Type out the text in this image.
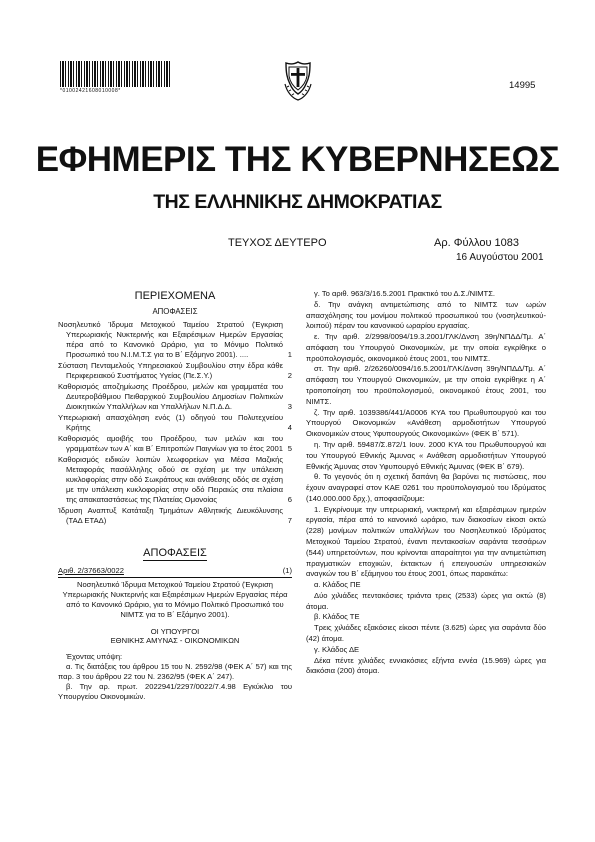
*01002421608010008*	14995
ΕΦΗΜΕΡΙΣ ΤΗΣ ΚΥΒΕΡΝΗΣΕΩΣ
ΤΗΣ ΕΛΛΗΝΙΚΗΣ ΔΗΜΟΚΡΑΤΙΑΣ
ΤΕΥΧΟΣ ΔΕΥΤΕΡΟ	Αρ. Φύλλου 1083
16 Αυγούστου 2001
ΠΕΡΙΕΧΟΜΕΝΑ
ΑΠΟΦΑΣΕΙΣ
Νοσηλευτικό Ίδρυμα Μετοχικού Ταμείου Στρατού (Έγκριση Υπερωριακής Νυκτερινής και Εξαιρέσιμων Ημερών Εργασίας πέρα από το Κανονικό Ωράριο, για το Μόνιμο Πολιτικό Προσωπικό του Ν.Ι.Μ.Τ.Σ για το Β΄ Εξάμηνο 2001). ....	1
Σύσταση Πενταμελούς Υπηρεσιακού Συμβουλίου στην έδρα κάθε Περιφερειακού Συστήματος Υγείας (Πε.Σ.Υ.)	2
Καθορισμός αποζημίωσης Προέδρου, μελών και γραμματέα του Δευτεροβάθμιου Πειθαρχικού Συμβουλίου Δημοσίων Πολιτικών Διοικητικών Υπαλλήλων και Υπαλλήλων Ν.Π.Δ.Δ.	3
Υπερωριακή απασχόληση ενός (1) οδηγού του Πολυτεχνείου Κρήτης	4
Καθορισμός αμοιβής του Προέδρου, των μελών και του γραμματέων των Α΄ και Β΄ Επιτροπών Παιγνίων για το έτος 2001 5
Καθορισμός ειδικών λοιπών λεωφορείων για Μέσα Μαζικής Μεταφοράς πασάλληλης οδού σε σχέση με την υπάλειση κυκλοφορίας στην οδό Σωκράτους και ανάθεσης οδός σε σχέση με την υπάλειση κυκλοφορίας στην οδό Πειραιώς στα πλαίσια της απακαταστάσεως της Πλατείας Ομονοίας	6
Ίδρυση Αναπτυξ Κατάταξη Τμημάτων Αθλητικής Διευκόλυνσης (ΤΑΔ ΕΤΑΔ)	7
ΑΠΟΦΑΣΕΙΣ
Αριθ. 2/37663/0022	(1)

Νοσηλευτικό Ίδρυμα Μετοχικού Ταμείου Στρατού (Έγκριση Υπερωριακής Νυκτερινής και Εξαιρέσιμων Ημερών Εργασίας πέρα από το Κανονικό Ωράριο, για το Μόνιμο Πολιτικό Προσωπικό του ΝΙΜΤΣ για το Β΄ Εξάμηνο 2001).

ΟΙ ΥΠΟΥΡΓΟΙ
ΕΘΝΙΚΗΣ ΑΜΥΝΑΣ - ΟΙΚΟΝΟΜΙΚΩΝ

Έχοντας υπόψη:

α. Τις διατάξεις του άρθρου 15 του Ν. 2592/98 (ΦΕΚ Α΄ 57) και της παρ. 3 του άρθρου 22 του Ν. 2362/95 (ΦΕΚ Α΄ 247).

β. Την αρ. πρωτ. 2022941/2297/0022/7.4.98 Εγκύκλιο του Υπουργείου Οικονομικών.

γ. Το αριθ. 963/3/16.5.2001 Πρακτικό του Δ.Σ./ΝΙΜΤΣ.

δ. Την ανάγκη αντιμετώπισης από το ΝΙΜΤΣ των ωρών απασχόλησης του μονίμου πολιτικού προσωπικού του (νοσηλευτικού-λοιπού) πέραν του κανονικού ωραρίου εργασίας.

ε. Την αριθ. 2/2998/0094/19.3.2001/ΓΛΚ/Δνση 39η/ΝΠΔΔ/Τμ. Α΄ απόφαση του Υπουργού Οικονομικών, με την οποία εγκρίθηκε ο προϋπολογισμός, οικονομικού έτους 2001, του ΝΙΜΤΣ.

στ. Την αριθ. 2/26260/0094/16.5.2001/ΓΛΚ/Δνση 39η/ΝΠΔΔ/Τμ. Α΄ απόφαση του Υπουργού Οικονομικών, με την οποία εγκρίθηκε η Α΄ τροποποίηση του προϋπολογισμού, οικονομικού έτους 2001, του ΝΙΜΤΣ.

ζ. Την αριθ. 1039386/441/Α0006 ΚΥΑ του Πρωθυπουργού και του Υπουργού Οικονομικών «Ανάθεση αρμοδιοτήτων Υπουργού Οικονομικών στους Υφυπουργούς Οικονομικών» (ΦΕΚ Β΄ 571).

η. Την αριθ. 59487/Σ.872/1 Ιουν. 2000 ΚΥΑ του Πρωθυπουργού και του Υπουργού Εθνικής Άμυνας « Ανάθεση αρμοδιοτήτων Υπουργού Εθνικής Άμυνας στον Υφυπουργό Εθνικής Άμυνας (ΦΕΚ Β΄ 679).

θ. Το γεγονός ότι η σχετική δαπάνη θα βαρύνει τις πιστώσεις, που έχουν αναγραφεί στον ΚΑΕ 0261 του προϋπολογισμού του Ιδρύματος (140.000.000 δρχ.), αποφασίζουμε:

1. Εγκρίνουμε την υπερωριακή, νυκτερινή και εξαιρέσιμων ημερών εργασία, πέρα από το κανονικό ωράριο, των διακοσίων είκοσι οκτώ (228) μονίμων πολιτικών υπαλλήλων του Νοσηλευτικού Ιδρύματος Μετοχικού Ταμείου Στρατού, έναντι πεντακοσίων σαράντα τεσσάρων (544) υπηρετούντων, που κρίνονται απαραίτητοι για την αντιμετώπιση πραγματικών εποχικών, έκτακτων ή επειγουσών υπηρεσιακών αναγκών του Β΄ εξάμηνου του έτους 2001, όπως παρακάτω:

α. Κλάδος ΠΕ

Δύο χιλιάδες πεντακόσιες τριάντα τρεις (2533) ώρες για οκτώ (8) άτομα.

β. Κλάδος ΤΕ

Τρεις χιλιάδες εξακόσιες είκοσι πέντε (3.625) ώρες για σαράντα δύο (42) άτομα.

γ. Κλάδος ΔΕ

Δέκα πέντε χιλιάδες εννιακόσιες εξήντα εννέα (15.969) ώρες για διακόσια (200) άτομα.
